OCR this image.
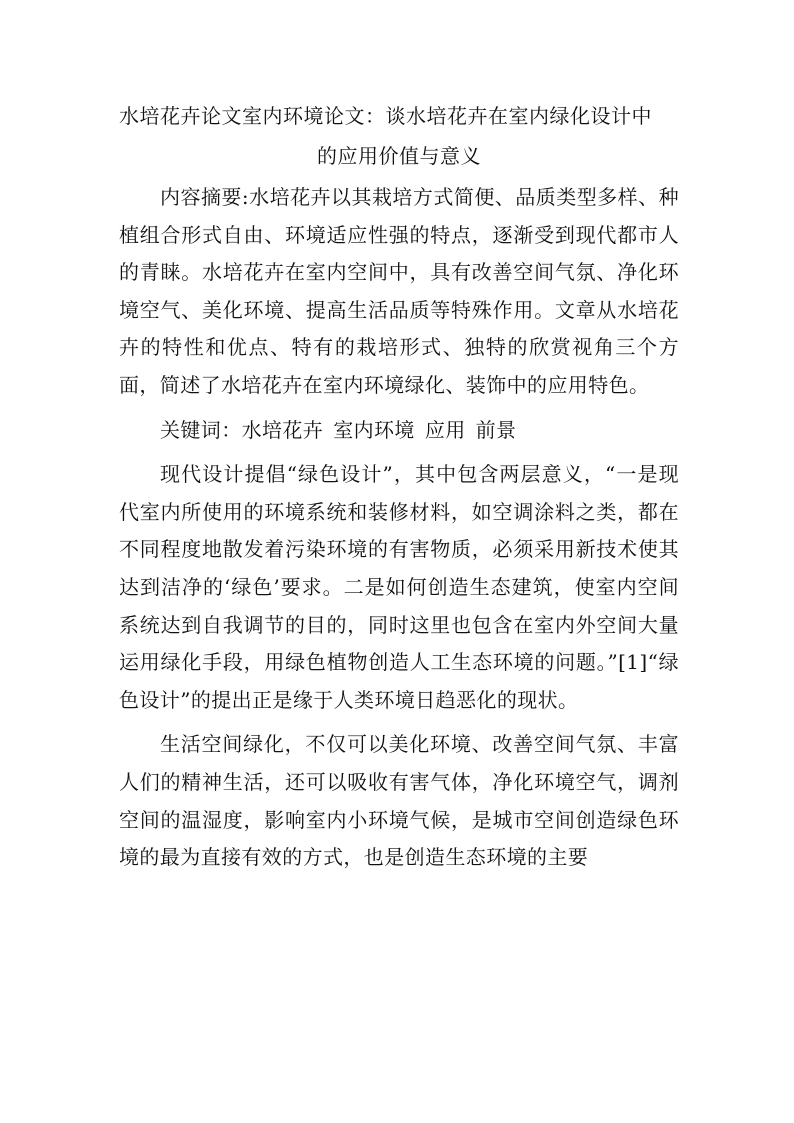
水培花卉论文室内环境论文：谈水培花卉在室内绿化设计中
的应用价值与意义

内容摘要:水培花卉以其栽培方式简便、品质类型多样、种植组合形式自由、环境适应性强的特点，逐渐受到现代都市人的青睐。水培花卉在室内空间中，具有改善空间气氛、净化环境空气、美化环境、提高生活品质等特殊作用。文章从水培花卉的特性和优点、特有的栽培形式、独特的欣赏视角三个方面，简述了水培花卉在室内环境绿化、装饰中的应用特色。

关键词：水培花卉 室内环境 应用 前景

现代设计提倡“绿色设计”，其中包含两层意义，“一是现代室内所使用的环境系统和装修材料，如空调涂料之类，都在不同程度地散发着污染环境的有害物质，必须采用新技术使其达到洁净的‘绿色’要求。二是如何创造生态建筑，使室内空间系统达到自我调节的目的，同时这里也包含在室内外空间大量运用绿化手段，用绿色植物创造人工生态环境的问题。”[1]“绿色设计”的提出正是缘于人类环境日趋恶化的现状。

生活空间绿化，不仅可以美化环境、改善空间气氛、丰富人们的精神生活，还可以吸收有害气体，净化环境空气，调剂空间的温湿度，影响室内小环境气候，是城市空间创造绿色环境的最为直接有效的方式，也是创造生态环境的主要
